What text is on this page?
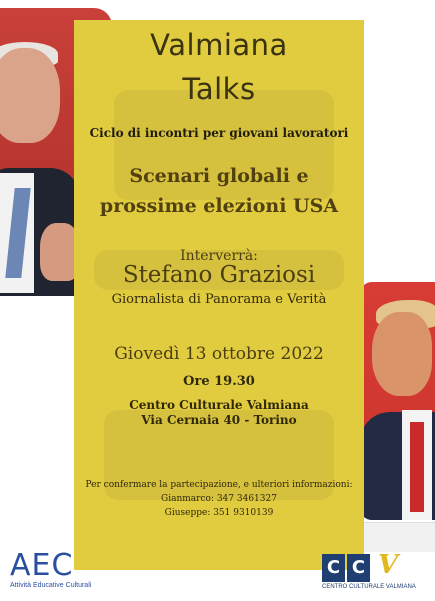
Valmiana
Talks
Ciclo di incontri per giovani lavoratori
Scenari globali e
prossime elezioni USA
Interverrà:
Stefano Graziosi
Giornalista di Panorama e Verità
Giovedì 13 ottobre 2022
Ore 19.30
Centro Culturale Valmiana
Via Cernaia 40 - Torino
Per confermare la partecipazione, e ulteriori informazioni:
Gianmarco: 347 3461327
Giuseppe: 351 9310139
AEC
Attività Educative Culturali
C C V
CENTRO CULTURALE VALMIANA
